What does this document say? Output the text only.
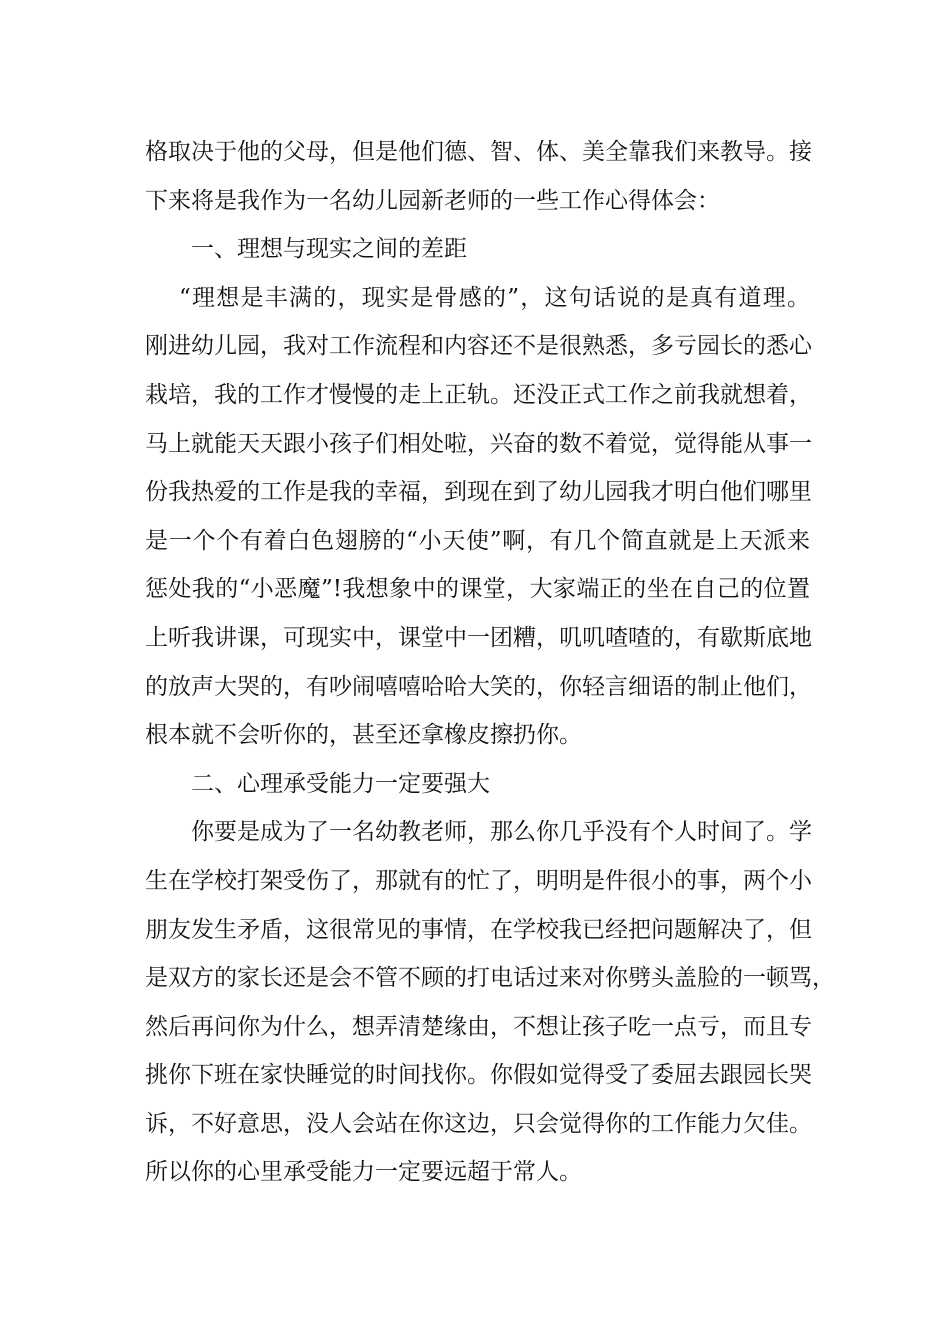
格取决于他的父母，但是他们德、智、体、美全靠我们来教导。接
下来将是我作为一名幼儿园新老师的一些工作心得体会：
一、理想与现实之间的差距
“理想是丰满的，现实是骨感的”，这句话说的是真有道理。
刚进幼儿园，我对工作流程和内容还不是很熟悉，多亏园长的悉心
栽培，我的工作才慢慢的走上正轨。还没正式工作之前我就想着，
马上就能天天跟小孩子们相处啦，兴奋的数不着觉，觉得能从事一
份我热爱的工作是我的幸福，到现在到了幼儿园我才明白他们哪里
是一个个有着白色翅膀的“小天使”啊，有几个简直就是上天派来
惩处我的“小恶魔”!我想象中的课堂，大家端正的坐在自己的位置
上听我讲课，可现实中，课堂中一团糟，叽叽喳喳的，有歇斯底地
的放声大哭的，有吵闹嘻嘻哈哈大笑的，你轻言细语的制止他们，
根本就不会听你的，甚至还拿橡皮擦扔你。
二、心理承受能力一定要强大
你要是成为了一名幼教老师，那么你几乎没有个人时间了。学
生在学校打架受伤了，那就有的忙了，明明是件很小的事，两个小
朋友发生矛盾，这很常见的事情，在学校我已经把问题解决了，但
是双方的家长还是会不管不顾的打电话过来对你劈头盖脸的一顿骂，
然后再问你为什么，想弄清楚缘由，不想让孩子吃一点亏，而且专
挑你下班在家快睡觉的时间找你。你假如觉得受了委屈去跟园长哭
诉，不好意思，没人会站在你这边，只会觉得你的工作能力欠佳。
所以你的心里承受能力一定要远超于常人。
